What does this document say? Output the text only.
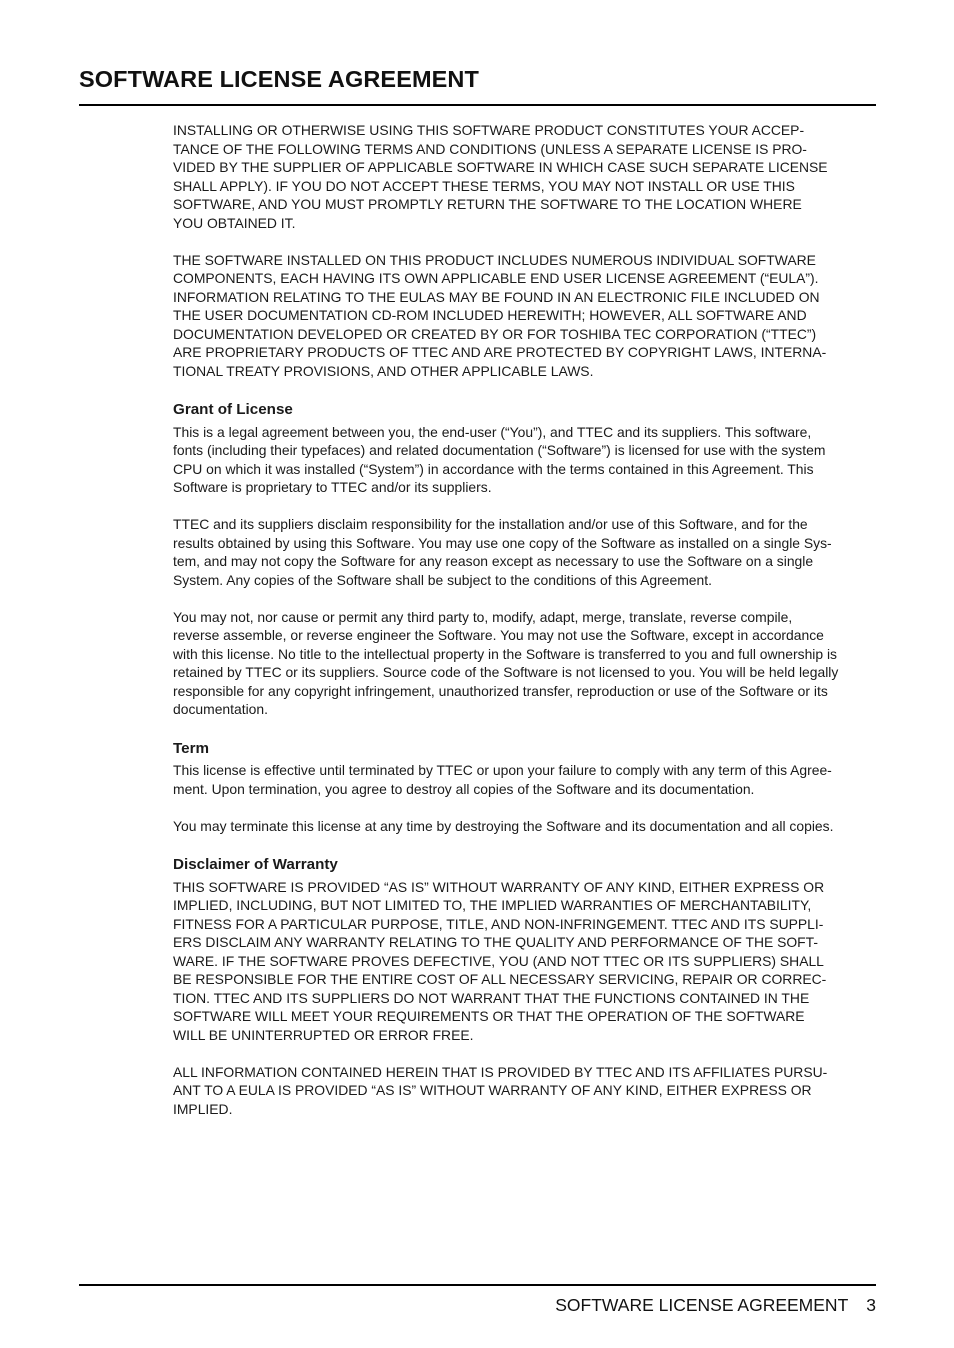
SOFTWARE LICENSE AGREEMENT

INSTALLING OR OTHERWISE USING THIS SOFTWARE PRODUCT CONSTITUTES YOUR ACCEP-
TANCE OF THE FOLLOWING TERMS AND CONDITIONS (UNLESS A SEPARATE LICENSE IS PRO-
VIDED BY THE SUPPLIER OF APPLICABLE SOFTWARE IN WHICH CASE SUCH SEPARATE LICENSE
SHALL APPLY). IF YOU DO NOT ACCEPT THESE TERMS, YOU MAY NOT INSTALL OR USE THIS
SOFTWARE, AND YOU MUST PROMPTLY RETURN THE SOFTWARE TO THE LOCATION WHERE
YOU OBTAINED IT.

THE SOFTWARE INSTALLED ON THIS PRODUCT INCLUDES NUMEROUS INDIVIDUAL SOFTWARE
COMPONENTS, EACH HAVING ITS OWN APPLICABLE END USER LICENSE AGREEMENT (“EULA”).
INFORMATION RELATING TO THE EULAS MAY BE FOUND IN AN ELECTRONIC FILE INCLUDED ON
THE USER DOCUMENTATION CD-ROM INCLUDED HEREWITH; HOWEVER, ALL SOFTWARE AND
DOCUMENTATION DEVELOPED OR CREATED BY OR FOR TOSHIBA TEC CORPORATION (“TTEC”)
ARE PROPRIETARY PRODUCTS OF TTEC AND ARE PROTECTED BY COPYRIGHT LAWS, INTERNA-
TIONAL TREATY PROVISIONS, AND OTHER APPLICABLE LAWS.

Grant of License

This is a legal agreement between you, the end-user (“You”), and TTEC and its suppliers. This software,
fonts (including their typefaces) and related documentation (“Software”) is licensed for use with the system
CPU on which it was installed (“System”) in accordance with the terms contained in this Agreement. This
Software is proprietary to TTEC and/or its suppliers.

TTEC and its suppliers disclaim responsibility for the installation and/or use of this Software, and for the
results obtained by using this Software. You may use one copy of the Software as installed on a single Sys-
tem, and may not copy the Software for any reason except as necessary to use the Software on a single
System. Any copies of the Software shall be subject to the conditions of this Agreement.

You may not, nor cause or permit any third party to, modify, adapt, merge, translate, reverse compile,
reverse assemble, or reverse engineer the Software. You may not use the Software, except in accordance
with this license. No title to the intellectual property in the Software is transferred to you and full ownership is
retained by TTEC or its suppliers. Source code of the Software is not licensed to you. You will be held legally
responsible for any copyright infringement, unauthorized transfer, reproduction or use of the Software or its
documentation.

Term

This license is effective until terminated by TTEC or upon your failure to comply with any term of this Agree-
ment. Upon termination, you agree to destroy all copies of the Software and its documentation.

You may terminate this license at any time by destroying the Software and its documentation and all copies.

Disclaimer of Warranty

THIS SOFTWARE IS PROVIDED “AS IS” WITHOUT WARRANTY OF ANY KIND, EITHER EXPRESS OR
IMPLIED, INCLUDING, BUT NOT LIMITED TO, THE IMPLIED WARRANTIES OF MERCHANTABILITY,
FITNESS FOR A PARTICULAR PURPOSE, TITLE, AND NON-INFRINGEMENT. TTEC AND ITS SUPPLI-
ERS DISCLAIM ANY WARRANTY RELATING TO THE QUALITY AND PERFORMANCE OF THE SOFT-
WARE. IF THE SOFTWARE PROVES DEFECTIVE, YOU (AND NOT TTEC OR ITS SUPPLIERS) SHALL
BE RESPONSIBLE FOR THE ENTIRE COST OF ALL NECESSARY SERVICING, REPAIR OR CORREC-
TION. TTEC AND ITS SUPPLIERS DO NOT WARRANT THAT THE FUNCTIONS CONTAINED IN THE
SOFTWARE WILL MEET YOUR REQUIREMENTS OR THAT THE OPERATION OF THE SOFTWARE
WILL BE UNINTERRUPTED OR ERROR FREE.

ALL INFORMATION CONTAINED HEREIN THAT IS PROVIDED BY TTEC AND ITS AFFILIATES PURSU-
ANT TO A EULA IS PROVIDED “AS IS” WITHOUT WARRANTY OF ANY KIND, EITHER EXPRESS OR
IMPLIED.

SOFTWARE LICENSE AGREEMENT 3
